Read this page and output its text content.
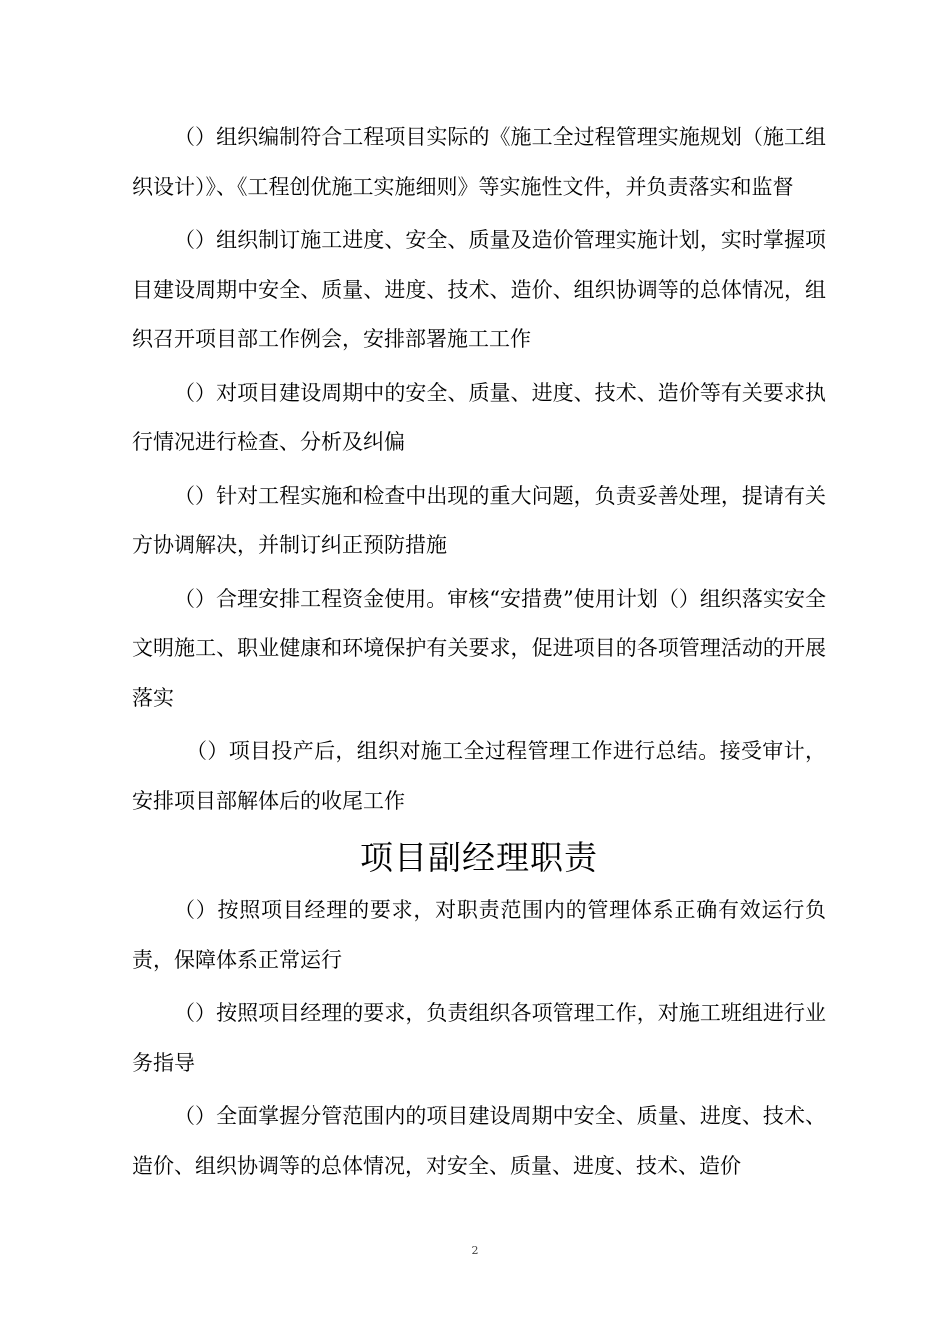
（）组织编制符合工程项目实际的《施工全过程管理实施规划（施工组织设计）》、《工程创优施工实施细则》等实施性文件，并负责落实和监督

（）组织制订施工进度、安全、质量及造价管理实施计划，实时掌握项目建设周期中安全、质量、进度、技术、造价、组织协调等的总体情况，组织召开项目部工作例会，安排部署施工工作

（）对项目建设周期中的安全、质量、进度、技术、造价等有关要求执行情况进行检查、分析及纠偏

（）针对工程实施和检查中出现的重大问题，负责妥善处理，提请有关方协调解决，并制订纠正预防措施

（）合理安排工程资金使用。审核“安措费”使用计划（）组织落实安全文明施工、职业健康和环境保护有关要求，促进项目的各项管理活动的开展落实

（）项目投产后，组织对施工全过程管理工作进行总结。接受审计，安排项目部解体后的收尾工作

项目副经理职责

（）按照项目经理的要求，对职责范围内的管理体系正确有效运行负责，保障体系正常运行

（）按照项目经理的要求，负责组织各项管理工作，对施工班组进行业务指导

（）全面掌握分管范围内的项目建设周期中安全、质量、进度、技术、造价、组织协调等的总体情况，对安全、质量、进度、技术、造价

2
